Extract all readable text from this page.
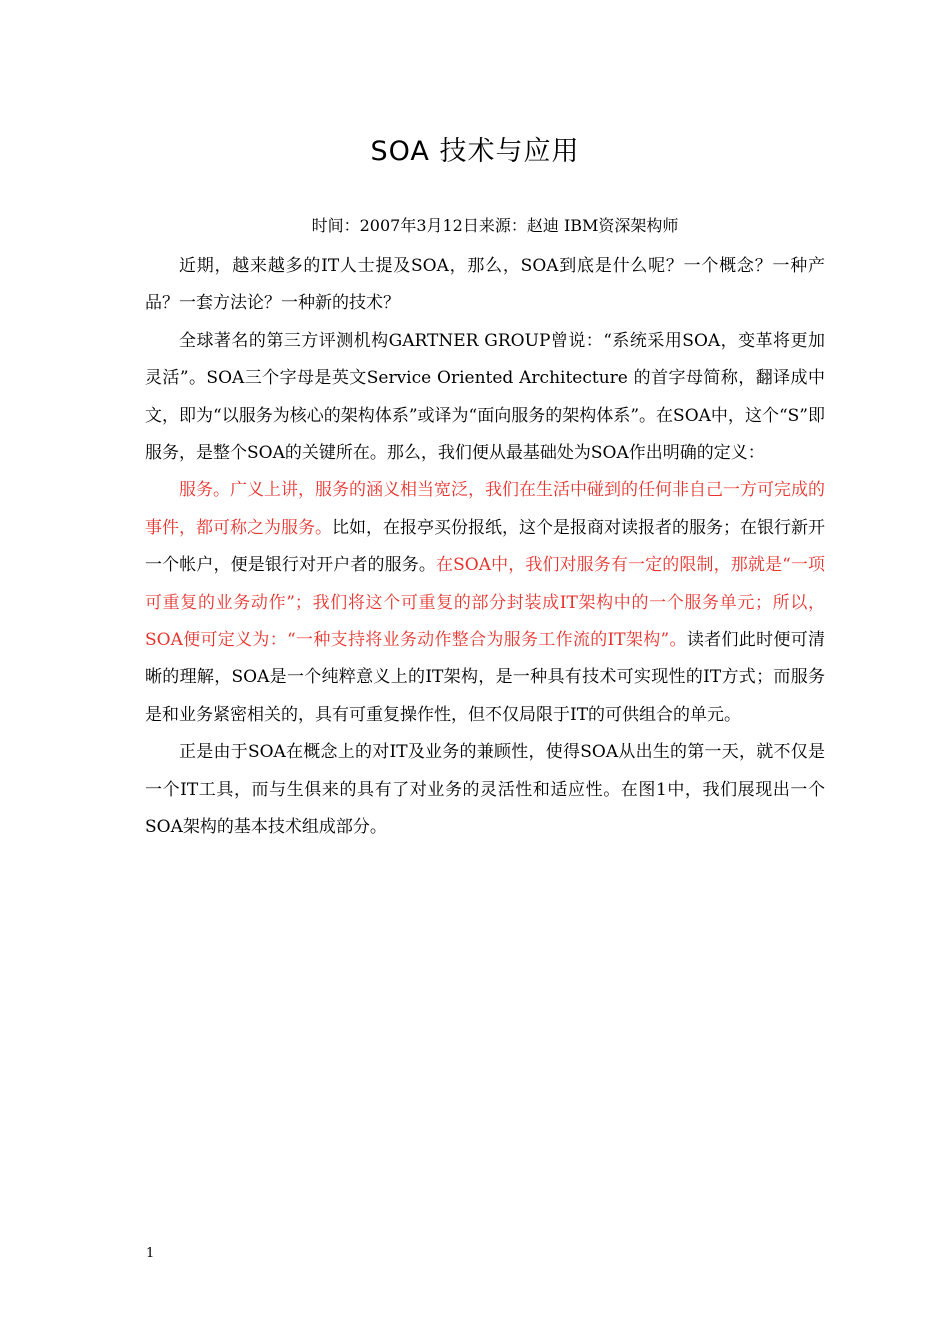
SOA 技术与应用
时间：2007年3月12日来源：赵迪 IBM资深架构师

近期，越来越多的IT人士提及SOA，那么，SOA到底是什么呢？一个概念？一种产品？一套方法论？一种新的技术？

全球著名的第三方评测机构GARTNER GROUP曾说：“系统采用SOA，变革将更加灵活”。SOA三个字母是英文Service Oriented Architecture 的首字母简称，翻译成中文，即为“以服务为核心的架构体系”或译为“面向服务的架构体系”。在SOA中，这个“S”即服务，是整个SOA的关键所在。那么，我们便从最基础处为SOA作出明确的定义：

服务。广义上讲，服务的涵义相当宽泛，我们在生活中碰到的任何非自己一方可完成的事件，都可称之为服务。比如，在报亭买份报纸，这个是报商对读报者的服务；在银行新开一个帐户，便是银行对开户者的服务。在SOA中，我们对服务有一定的限制，那就是“一项可重复的业务动作”；我们将这个可重复的部分封装成IT架构中的一个服务单元；所以，SOA便可定义为：“一种支持将业务动作整合为服务工作流的IT架构”。读者们此时便可清晰的理解，SOA是一个纯粹意义上的IT架构，是一种具有技术可实现性的IT方式；而服务是和业务紧密相关的，具有可重复操作性，但不仅局限于IT的可供组合的单元。

正是由于SOA在概念上的对IT及业务的兼顾性，使得SOA从出生的第一天，就不仅是一个IT工具，而与生俱来的具有了对业务的灵活性和适应性。在图1中，我们展现出一个SOA架构的基本技术组成部分。

1
